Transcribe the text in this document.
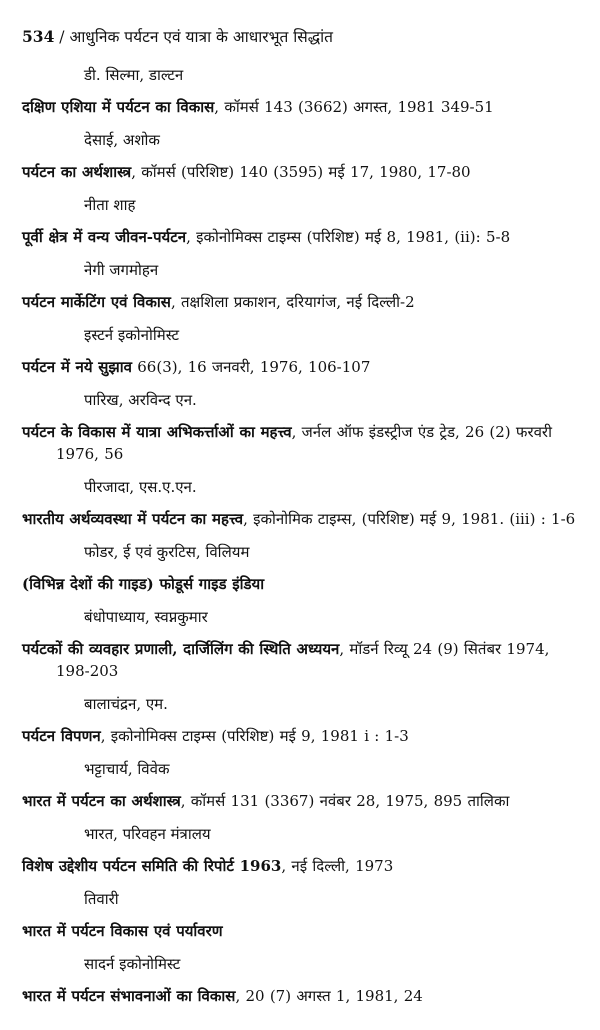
534 / आधुनिक पर्यटन एवं यात्रा के आधारभूत सिद्धांत
डी. सिल्मा, डाल्टन
दक्षिण एशिया में पर्यटन का विकास, कॉमर्स 143 (3662) अगस्त, 1981 349-51
देसाई, अशोक
पर्यटन का अर्थशास्त्र, कॉमर्स (परिशिष्ट) 140 (3595) मई 17, 1980, 17-80
नीता शाह
पूर्वी क्षेत्र में वन्य जीवन-पर्यटन, इकोनोमिक्स टाइम्स (परिशिष्ट) मई 8, 1981, (ii): 5-8
नेगी जगमोहन
पर्यटन मार्केटिंग एवं विकास, तक्षशिला प्रकाशन, दरियागंज, नई दिल्ली-2
इस्टर्न इकोनोमिस्ट
पर्यटन में नये सुझाव 66(3), 16 जनवरी, 1976, 106-107
पारिख, अरविन्द एन.
पर्यटन के विकास में यात्रा अभिकर्त्ताओं का महत्त्व, जर्नल ऑफ इंडस्ट्रीज एंड ट्रेड, 26 (2) फरवरी 1976, 56
पीरजादा, एस.ए.एन.
भारतीय अर्थव्यवस्था में पर्यटन का महत्त्व, इकोनोमिक टाइम्स, (परिशिष्ट) मई 9, 1981. (iii) : 1-6
फोडर, ई एवं कुरटिस, विलियम
(विभिन्न देशों की गाइड) फोडूर्स गाइड इंडिया
बंधोपाध्याय, स्वप्नकुमार
पर्यटकों की व्यवहार प्रणाली, दार्जिलिंग की स्थिति अध्ययन, मॉडर्न रिव्यू 24 (9) सितंबर 1974, 198-203
बालाचंद्रन, एम.
पर्यटन विपणन, इकोनोमिक्स टाइम्स (परिशिष्ट) मई 9, 1981 i : 1-3
भट्टाचार्य, विवेक
भारत में पर्यटन का अर्थशास्त्र, कॉमर्स 131 (3367) नवंबर 28, 1975, 895 तालिका
भारत, परिवहन मंत्रालय
विशेष उद्देशीय पर्यटन समिति की रिपोर्ट 1963, नई दिल्ली, 1973
तिवारी
भारत में पर्यटन विकास एवं पर्यावरण
सादर्न इकोनोमिस्ट
भारत में पर्यटन संभावनाओं का विकास, 20 (7) अगस्त 1, 1981, 24
